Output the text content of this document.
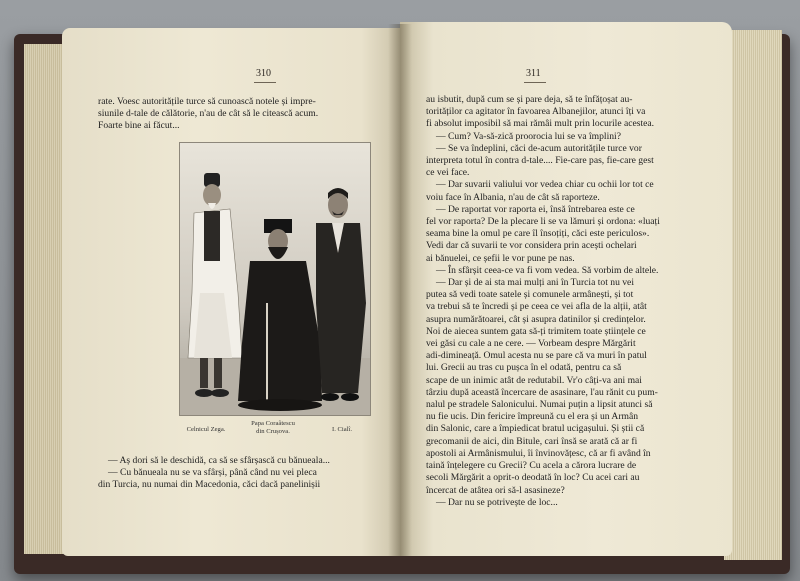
310

rate. Voesc autoritățile turce să cunoască notele și impre-

siunile d-tale de călătorie, n'au de cât să le citească acum.

Foarte bine ai făcut...

Celnicul Zega.
Papa Coraâtescu
din Crușova.	I. Cialî.

— Aș dori să le deschidă, ca să se sfârșască cu bănueala...

— Cu bănueala nu se va sfârși, până când nu vei pleca

din Turcia, nu numai din Macedonia, căci dacă panelinișii

311

au isbutit, după cum se și pare deja, să te înfățoșat au-

torităților ca agitator în favoarea Albanejilor, atunci îți va

fi absolut imposibil să mai rămâi mult prin locurile acestea.

— Cum? Va-să-zică proorocia lui se va împlini?

— Se va îndeplini, căci de-acum autoritățile turce vor

interpreta totul în contra d-tale.... Fie-care pas, fie-care gest

ce vei face.

— Dar suvarii valiului vor vedea chiar cu ochii lor tot ce

voiu face în Albania, n'au de cât să raporteze.

— De raportat vor raporta ei, însă întrebarea este ce

fel vor raporta? De la plecare li se va lămuri și ordona: «luați

seama bine la omul pe care îl însoțiți, căci este periculos».

Vedi dar că suvarii te vor considera prin acești ochelari

ai bănuelei, ce șefii le vor pune pe nas.

— În sfârșit ceea-ce va fi vom vedea. Să vorbim de altele.

— Dar și de ai sta mai mulți ani în Turcia tot nu vei

putea să vedi toate satele și comunele armânești, și tot

va trebui să te încredi și pe ceea ce vei afla de la alții, atât

asupra numărătoarei, cât și asupra datinilor și credințelor.

Noi de aiecea suntem gata să-ți trimitem toate științele ce

vei găsi cu cale a ne cere. — Vorbeam despre Mărgărit

adi-dimineață. Omul acesta nu se pare că va muri în patul

lui. Grecii au tras cu pușca în el odată, pentru ca să

scape de un inimic atât de redutabil. Vr'o câți-va ani mai

târziu după această încercare de asasinare, l'au rănit cu pum-

nalul pe stradele Salonicului. Numai puțin a lipsit atunci să

nu fie ucis. Din fericire împreună cu el era și un Armân

din Salonic, care a împiedicat bratul ucigașului. Și știi că

grecomanii de aici, din Bitule, cari însă se arată că ar fi

apostoli ai Armânismului, îi învinovățesc, că ar fi având în

taină înțelegere cu Grecii? Cu acela a cărora lucrare de

secoli Mărgărit a oprit-o deodată în loc? Cu acei cari au

încercat de atâtea ori să-l asasineze?

— Dar nu se potrivește de loc...
